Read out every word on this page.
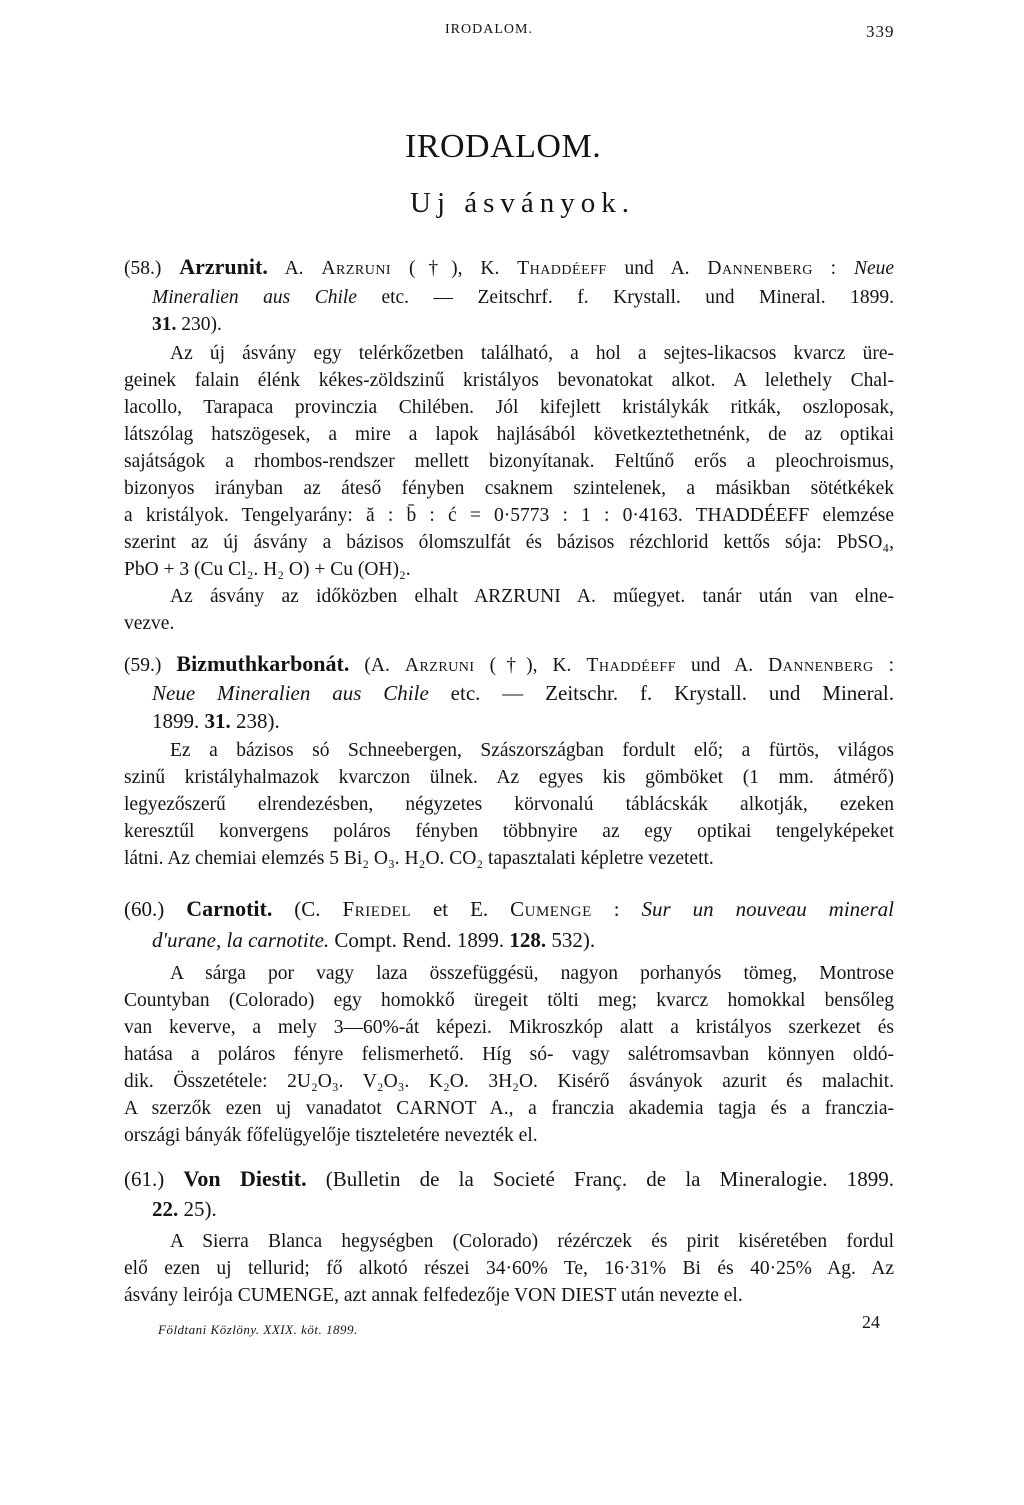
IRODALOM.	339
IRODALOM.
Uj ásványok.
(58.) Arzrunit. A. Arzruni (†), K. Thaddéeff und A. Dannenberg : Neue
Mineralien aus Chile etc. — Zeitschrf. f. Krystall. und Mineral. 1899.
31. 230).
Az új ásvány egy telérkőzetben található, a hol a sejtes-likacsos kvarcz üre-
geinek falain élénk kékes-zöldszinű kristályos bevonatokat alkot. A lelethely Chal-
lacollo, Tarapaca provinczia Chilében. Jól kifejlett kristálykák ritkák, oszloposak,
látszólag hatszögesek, a mire a lapok hajlásából következtethetnénk, de az optikai
sajátságok a rhombos-rendszer mellett bizonyítanak. Feltűnő erős a pleochroismus,
bizonyos irányban az áteső fényben csaknem szintelenek, a másikban sötétkékek
a kristályok. Tengelyarány: ă : b̄ : ć = 0·5773 : 1 : 0·4163. THADDÉEFF elemzése
szerint az új ásvány a bázisos ólomszulfát és bázisos rézchlorid kettős sója: PbSO₄,
PbO + 3 (Cu Cl₂. H₂ O) + Cu (OH)₂.
Az ásvány az időközben elhalt ARZRUNI A. műegyet. tanár után van elne-
vezve.
(59.) Bizmuthkarbonát. (A. Arzruni (†), K. Thaddéeff und A. Dannenberg :
Neue Mineralien aus Chile etc. — Zeitschr. f. Krystall. und Mineral.
1899. 31. 238).
Ez a bázisos só Schneebergen, Szászországban fordult elő; a fürtös, világos
szinű kristályhalmazok kvarczon ülnek. Az egyes kis gömböket (1 mm. átmérő)
legyezőszerű elrendezésben, négyzetes körvonalú táblácskák alkotják, ezeken
keresztűl konvergens poláros fényben többnyire az egy optikai tengelyképeket
látni. Az chemiai elemzés 5 Bi₂ O₃. H₂O. CO₂ tapasztalati képletre vezetett.
(60.) Carnotit. (C. Friedel et E. Cumenge : Sur un nouveau mineral
d'urane, la carnotite. Compt. Rend. 1899. 128. 532).
A sárga por vagy laza összefüggésü, nagyon porhanyós tömeg, Montrose
Countyban (Colorado) egy homokkő üregeit tölti meg; kvarcz homokkal bensőleg
van keverve, a mely 3—60%-át képezi. Mikroszkóp alatt a kristályos szerkezet és
hatása a poláros fényre felismerhető. Híg só- vagy salétromsavban könnyen oldó-
dik. Összetétele: 2U₂O₃. V₂O₃. K₂O. 3H₂O. Kisérő ásványok azurit és malachit.
A szerzők ezen uj vanadatot CARNOT A., a franczia akademia tagja és a franczia-
országi bányák főfelügyelője tiszteletére nevezték el.
(61.) Von Diestit. (Bulletin de la Societé Franç. de la Mineralogie. 1899.
22. 25).
A Sierra Blanca hegységben (Colorado) rézérczek és pirit kiséretében fordul
elő ezen uj tellurid; fő alkotó részei 34·60% Te, 16·31% Bi és 40·25% Ag. Az
ásvány leirója CUMENGE, azt annak felfedezője VON DIEST után nevezte el.
Földtani Közlöny. XXIX. köt. 1899.	24
